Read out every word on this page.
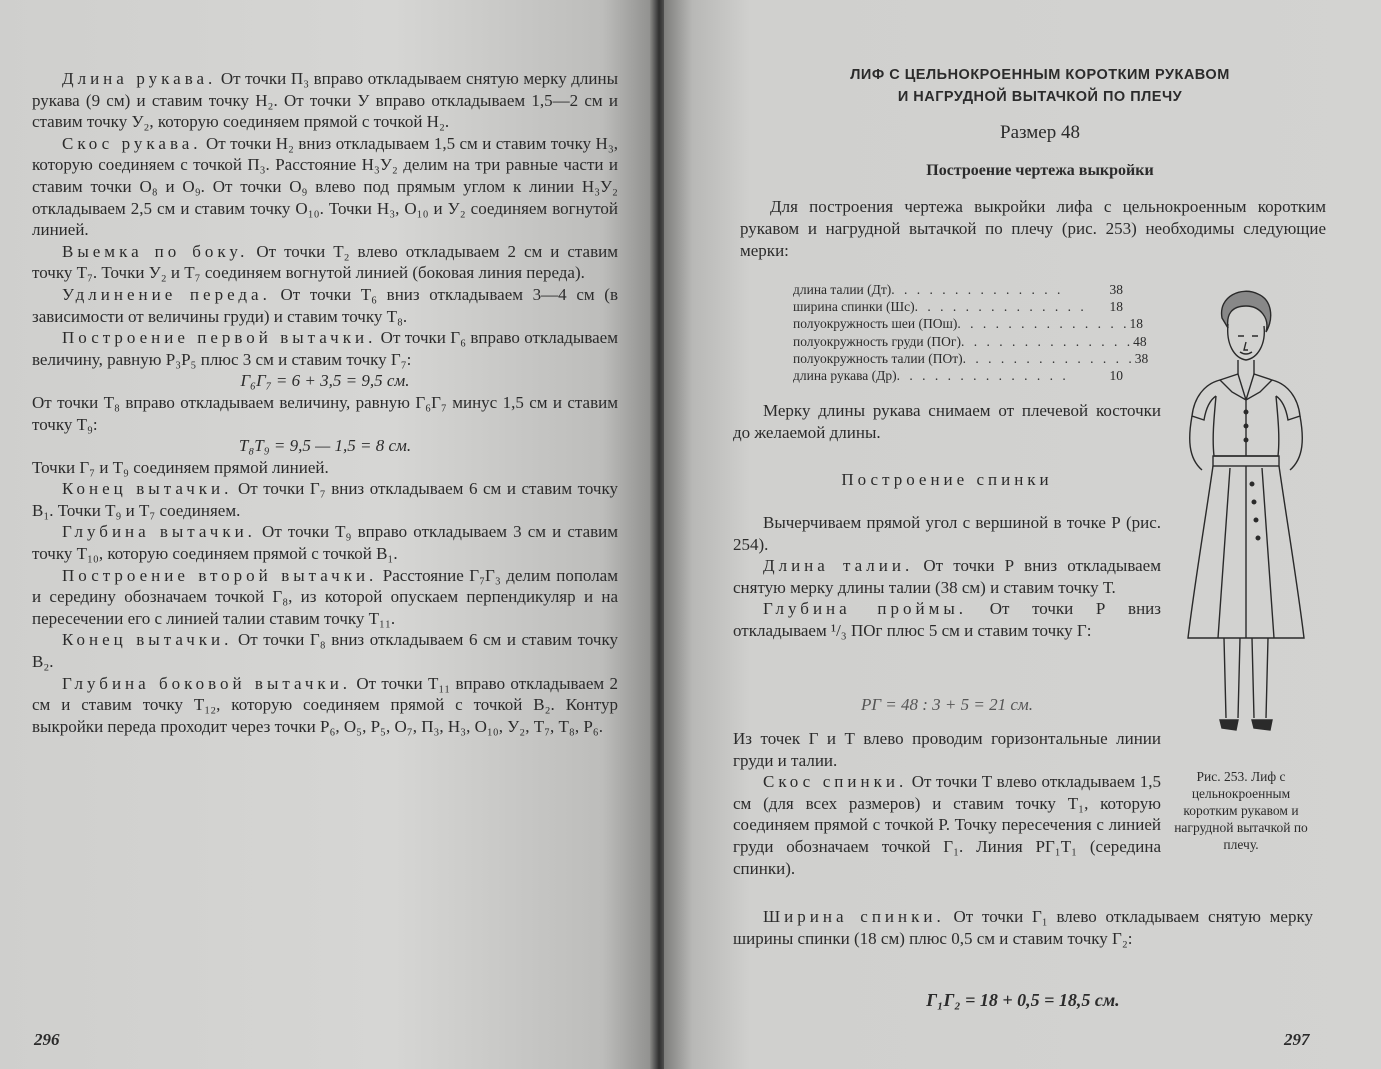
Длина рукава. От точки П₃ вправо откладываем снятую мерку длины рукава (9 см) и ставим точку Н₂. От точки У вправо откладываем 1,5—2 см и ставим точку У₂, которую соединяем прямой с точкой Н₂.

Скос рукава. От точки Н₂ вниз откладываем 1,5 см и ставим точку Н₃, которую соединяем с точкой П₃. Расстояние Н₃У₂ делим на три равные части и ставим точки О₈ и О₉. От точки О₉ влево под прямым углом к линии Н₃У₂ откладываем 2,5 см и ставим точку О₁₀. Точки Н₃, О₁₀ и У₂ соединяем вогнутой линией.

Выемка по боку. От точки Т₂ влево откладываем 2 см и ставим точку Т₇. Точки У₂ и Т₇ соединяем вогнутой линией (боковая линия переда).

Удлинение переда. От точки Т₆ вниз откладываем 3—4 см (в зависимости от величины груди) и ставим точку Т₈.

Построение первой вытачки. От точки Г₆ вправо откладываем величину, равную Р₃Р₅ плюс 3 см и ставим точку Г₇:

Г₆Г₇ = 6 + 3,5 = 9,5 см.

От точки Т₈ вправо откладываем величину, равную Г₆Г₇ минус 1,5 см и ставим точку Т₉:

Т₈Т₉ = 9,5 — 1,5 = 8 см.

Точки Г₇ и Т₉ соединяем прямой линией.

Конец вытачки. От точки Г₇ вниз откладываем 6 см и ставим точку В₁. Точки Т₉ и Т₇ соединяем.

Глубина вытачки. От точки Т₉ вправо откладываем 3 см и ставим точку Т₁₀, которую соединяем прямой с точкой В₁.

Построение второй вытачки. Расстояние Г₇Г₃ делим пополам и середину обозначаем точкой Г₈, из которой опускаем перпендикуляр и на пересечении его с линией талии ставим точку Т₁₁.

Конец вытачки. От точки Г₈ вниз откладываем 6 см и ставим точку В₂.

Глубина боковой вытачки. От точки Т₁₁ вправо откладываем 2 см и ставим точку Т₁₂, которую соединяем прямой с точкой В₂. Контур выкройки переда проходит через точки Р₆, О₅, Р₅, О₇, П₃, Н₃, О₁₀, У₂, Т₇, Т₈, Р₆.

296
ЛИФ С ЦЕЛЬНОКРОЕННЫМ КОРОТКИМ РУКАВОМ
И НАГРУДНОЙ ВЫТАЧКОЙ ПО ПЛЕЧУ
Размер 48
Построение чертежа выкройки

Для построения чертежа выкройки лифа с цельнокроенным коротким рукавом и нагрудной вытачкой по плечу (рис. 253) необходимы следующие мерки:

длина талии (Дт) . . . . . . . . . . . . . .	38
ширина спинки (Шс) . . . . . . . . . . . . . .	18
полуокружность шеи (ПОш) . . . . . . . . . . . . . . 18
полуокружность груди (ПОг) . . . . . . . . . . . . . . 48
полуокружность талии (ПОт) . . . . . . . . . . . . . . 38
длина рукава (Др) . . . . . . . . . . . . . .	10

Мерку длины рукава снимаем от плечевой косточки до желаемой длины.

Построение спинки

Вычерчиваем прямой угол с вершиной в точке Р (рис. 254).

Длина талии. От точки Р вниз откладываем снятую мерку длины талии (38 см) и ставим точку Т.

Глубина проймы. От точки Р вниз откладываем ¹/₃ ПОг плюс 5 см и ставим точку Г:

РГ = 48 : 3 + 5 = 21 см.

Из точек Г и Т влево проводим горизонтальные линии груди и талии.

Скос спинки. От точки Т влево откладываем 1,5 см (для всех размеров) и ставим точку Т₁, которую соединяем прямой с точкой Р. Точку пересечения с линией груди обозначаем точкой Г₁. Линия РГ₁Т₁ (середина спинки).

Ширина спинки. От точки Г₁ влево откладываем снятую мерку ширины спинки (18 см) плюс 0,5 см и ставим точку Г₂:

Г₁Г₂ = 18 + 0,5 = 18,5 см.
Рис. 253. Лиф с цельнокроенным коротким рукавом и нагрудной вытачкой по плечу.
297
